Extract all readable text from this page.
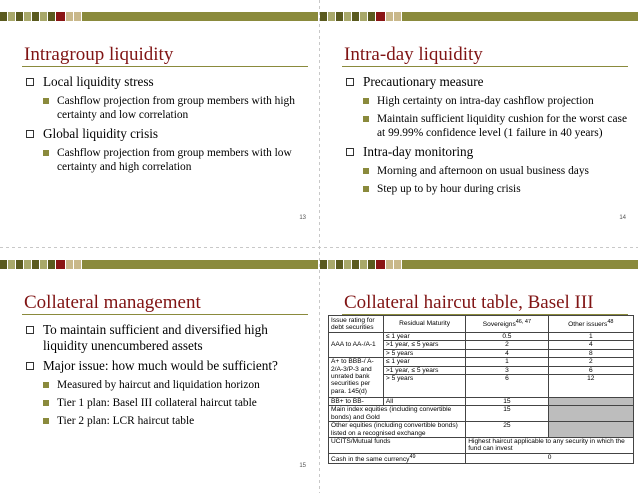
Intragroup liquidity
Local liquidity stress
Cashflow projection from group members with high certainty and low correlation
Global liquidity crisis
Cashflow projection from group members with low certainty and high correlation
13
Intra-day liquidity
Precautionary measure
High certainty on intra-day cashflow projection
Maintain sufficient liquidity cushion for the worst case at 99.99% confidence level (1 failure in 40 years)
Intra-day monitoring
Morning and afternoon on usual business days
Step up to by hour during crisis
14
Collateral management
To maintain sufficient and diversified high liquidity unencumbered assets
Major issue: how much would be sufficient?
Measured by haircut and liquidation horizon
Tier 1 plan: Basel III collateral haircut table
Tier 2 plan: LCR haircut table
15
Collateral haircut table, Basel III
Issue rating for debt securities	Residual Maturity	Sovereigns$^{46, 47}$	Other issuers$^{48}$
AAA to AA-/A-1	≤ 1 year	0.5	1
	>1 year, ≤ 5 years	2	4
	> 5 years	4	8
A+ to BBB-/ A-2/A-3/P-3 and unrated bank securities per para. 145(d)	≤ 1 year	1	2
	>1 year, ≤ 5 years	3	6
	> 5 years	6	12
BB+ to BB-	All	15	
Main index equities (including convertible bonds) and Gold		15	
Other equities (including convertible bonds) listed on a recognised exchange		25	
UCITS/Mutual funds		Highest haircut applicable to any security in which the fund can invest	
Cash in the same currency$^{49}$		0	
